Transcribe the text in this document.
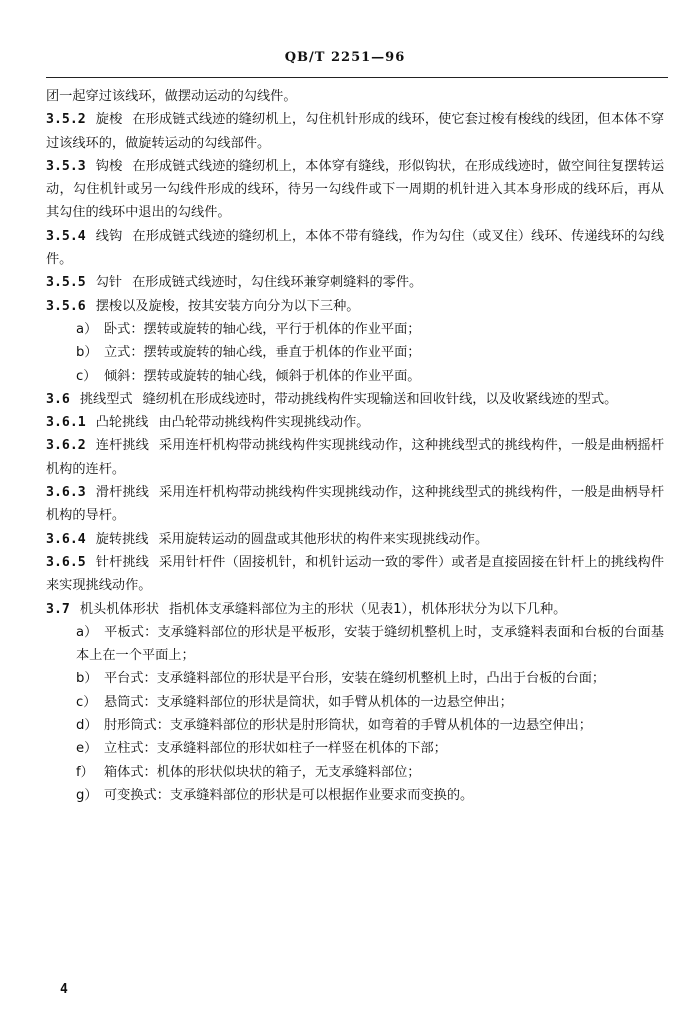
QB/T 2251—96

团一起穿过该线环，做摆动运动的勾线件。

3.5.2 旋梭 在形成链式线迹的缝纫机上，勾住机针形成的线环，使它套过梭有梭线的线团，但本体不穿过该线环的，做旋转运动的勾线部件。

3.5.3 钩梭 在形成链式线迹的缝纫机上，本体穿有缝线，形似钩状，在形成线迹时，做空间往复摆转运动，勾住机针或另一勾线件形成的线环，待另一勾线件或下一周期的机针进入其本身形成的线环后，再从其勾住的线环中退出的勾线件。

3.5.4 线钩 在形成链式线迹的缝纫机上，本体不带有缝线，作为勾住（或叉住）线环、传递线环的勾线件。

3.5.5 勾针 在形成链式线迹时，勾住线环兼穿刺缝料的零件。

3.5.6 摆梭以及旋梭，按其安装方向分为以下三种。

a） 卧式：摆转或旋转的轴心线，平行于机体的作业平面；

b） 立式：摆转或旋转的轴心线，垂直于机体的作业平面；

c） 倾斜：摆转或旋转的轴心线，倾斜于机体的作业平面。

3.6 挑线型式 缝纫机在形成线迹时，带动挑线构件实现输送和回收针线，以及收紧线迹的型式。

3.6.1 凸轮挑线 由凸轮带动挑线构件实现挑线动作。

3.6.2 连杆挑线 采用连杆机构带动挑线构件实现挑线动作，这种挑线型式的挑线构件，一般是曲柄摇杆机构的连杆。

3.6.3 滑杆挑线 采用连杆机构带动挑线构件实现挑线动作，这种挑线型式的挑线构件，一般是曲柄导杆机构的导杆。

3.6.4 旋转挑线 采用旋转运动的圆盘或其他形状的构件来实现挑线动作。

3.6.5 针杆挑线 采用针杆件（固接机针，和机针运动一致的零件）或者是直接固接在针杆上的挑线构件来实现挑线动作。

3.7 机头机体形状 指机体支承缝料部位为主的形状（见表1），机体形状分为以下几种。

a） 平板式：支承缝料部位的形状是平板形，安装于缝纫机整机上时，支承缝料表面和台板的台面基本上在一个平面上；

b） 平台式：支承缝料部位的形状是平台形，安装在缝纫机整机上时，凸出于台板的台面；

c） 悬筒式：支承缝料部位的形状是筒状，如手臂从机体的一边悬空伸出；

d） 肘形筒式：支承缝料部位的形状是肘形筒状，如弯着的手臂从机体的一边悬空伸出；

e） 立柱式：支承缝料部位的形状如柱子一样竖在机体的下部；

f） 箱体式：机体的形状似块状的箱子，无支承缝料部位；

g） 可变换式：支承缝料部位的形状是可以根据作业要求而变换的。

4
